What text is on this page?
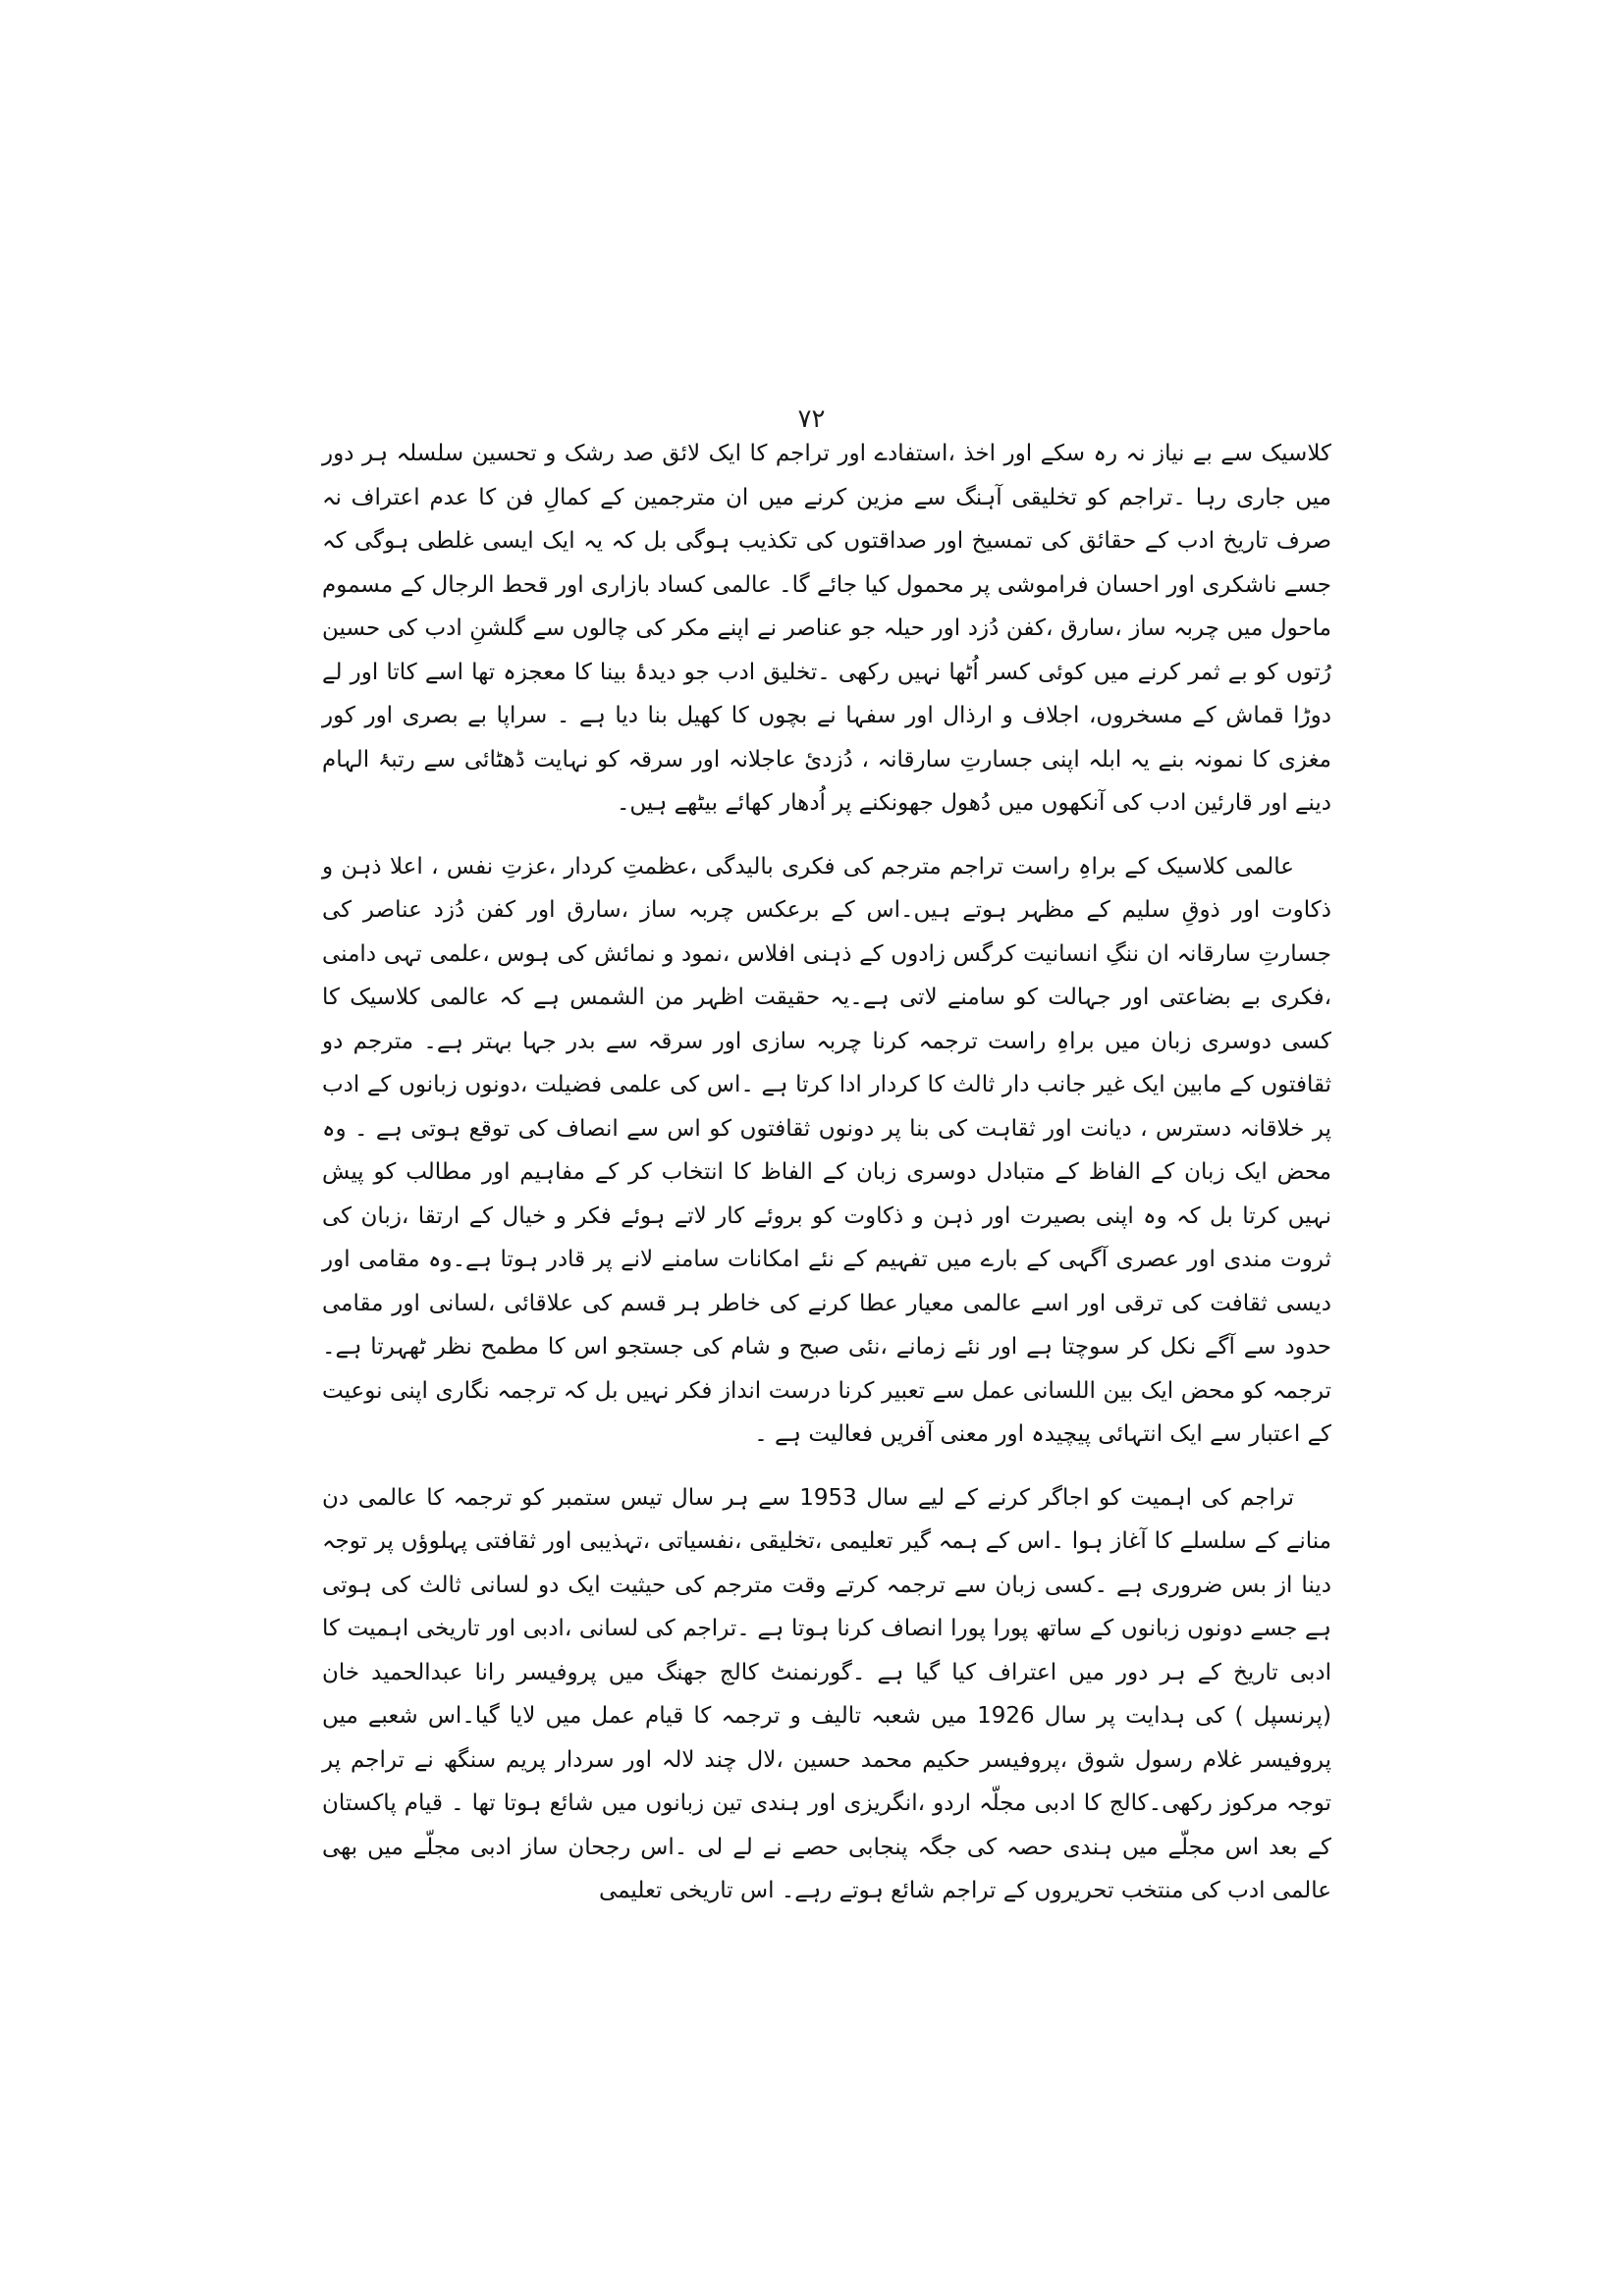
۷۲

کلاسیک سے بے نیاز نہ رہ سکے اور اخذ ،استفادے اور تراجم کا ایک لائق صد رشک و تحسین سلسلہ ہر دور میں جاری رہا ۔تراجم کو تخلیقی آہنگ سے مزین کرنے میں ان مترجمین کے کمالِ فن کا عدم اعتراف نہ صرف تاریخ ادب کے حقائق کی تمسیخ اور صداقتوں کی تکذیب ہوگی بل کہ یہ ایک ایسی غلطی ہوگی کہ جسے ناشکری اور احسان فراموشی پر محمول کیا جائے گا۔ عالمی کساد بازاری اور قحط الرجال کے مسموم ماحول میں چربہ ساز ،سارق ،کفن دُزد اور حیلہ جو عناصر نے اپنے مکر کی چالوں سے گلشنِ ادب کی حسین رُتوں کو بے ثمر کرنے میں کوئی کسر اُٹھا نہیں رکھی ۔تخلیق ادب جو دیدۂ بینا کا معجزہ تھا اسے کاتا اور لے دوڑا قماش کے مسخروں، اجلاف و ارذال اور سفہا نے بچوں کا کھیل بنا دیا ہے ۔ سراپا بے بصری اور کور مغزی کا نمونہ بنے یہ ابلہ اپنی جسارتِ سارقانہ ، دُزدیٔ عاجلانہ اور سرقہ کو نہایت ڈھٹائی سے رتبۂ الہام دینے اور قارئین ادب کی آنکھوں میں دُھول جھونکنے پر اُدھار کھائے بیٹھے ہیں۔

عالمی کلاسیک کے براہِ راست تراجم مترجم کی فکری بالیدگی ،عظمتِ کردار ،عزتِ نفس ، اعلا ذہن و ذکاوت اور ذوقِ سلیم کے مظہر ہوتے ہیں۔اس کے برعکس چربہ ساز ،سارق اور کفن دُزد عناصر کی جسارتِ سارقانہ ان ننگِ انسانیت کرگس زادوں کے ذہنی افلاس ،نمود و نمائش کی ہوس ،علمی تہی دامنی ،فکری بے بضاعتی اور جہالت کو سامنے لاتی ہے۔یہ حقیقت اظہر من الشمس ہے کہ عالمی کلاسیک کا کسی دوسری زبان میں براہِ راست ترجمہ کرنا چربہ سازی اور سرقہ سے بدر جہا بہتر ہے۔ مترجم دو ثقافتوں کے مابین ایک غیر جانب دار ثالث کا کردار ادا کرتا ہے ۔اس کی علمی فضیلت ،دونوں زبانوں کے ادب پر خلاقانہ دسترس ، دیانت اور ثقاہت کی بنا پر دونوں ثقافتوں کو اس سے انصاف کی توقع ہوتی ہے ۔ وہ محض ایک زبان کے الفاظ کے متبادل دوسری زبان کے الفاظ کا انتخاب کر کے مفاہیم اور مطالب کو پیش نہیں کرتا بل کہ وہ اپنی بصیرت اور ذہن و ذکاوت کو بروئے کار لاتے ہوئے فکر و خیال کے ارتقا ،زبان کی ثروت مندی اور عصری آگہی کے بارے میں تفہیم کے نئے امکانات سامنے لانے پر قادر ہوتا ہے۔وہ مقامی اور دیسی ثقافت کی ترقی اور اسے عالمی معیار عطا کرنے کی خاطر ہر قسم کی علاقائی ،لسانی اور مقامی حدود سے آگے نکل کر سوچتا ہے اور نئے زمانے ،نئی صبح و شام کی جستجو اس کا مطمح نظر ٹھہرتا ہے۔ ترجمہ کو محض ایک بین اللسانی عمل سے تعبیر کرنا درست انداز فکر نہیں بل کہ ترجمہ نگاری اپنی نوعیت کے اعتبار سے ایک انتہائی پیچیدہ اور معنی آفریں فعالیت ہے ۔

تراجم کی اہمیت کو اجاگر کرنے کے لیے سال 1953 سے ہر سال تیس ستمبر کو ترجمہ کا عالمی دن منانے کے سلسلے کا آغاز ہوا ۔اس کے ہمہ گیر تعلیمی ،تخلیقی ،نفسیاتی ،تہذیبی اور ثقافتی پہلوؤں پر توجہ دینا از بس ضروری ہے ۔کسی زبان سے ترجمہ کرتے وقت مترجم کی حیثیت ایک دو لسانی ثالث کی ہوتی ہے جسے دونوں زبانوں کے ساتھ پورا پورا انصاف کرنا ہوتا ہے ۔تراجم کی لسانی ،ادبی اور تاریخی اہمیت کا ادبی تاریخ کے ہر دور میں اعتراف کیا گیا ہے ۔گورنمنٹ کالج جھنگ میں پروفیسر رانا عبدالحمید خان (پرنسپل ) کی ہدایت پر سال 1926 میں شعبہ تالیف و ترجمہ کا قیام عمل میں لایا گیا۔اس شعبے میں پروفیسر غلام رسول شوق ،پروفیسر حکیم محمد حسین ،لال چند لالہ اور سردار پریم سنگھ نے تراجم پر توجہ مرکوز رکھی۔کالج کا ادبی مجلّہ اردو ،انگریزی اور ہندی تین زبانوں میں شائع ہوتا تھا ۔ قیام پاکستان کے بعد اس مجلّے میں ہندی حصہ کی جگہ پنجابی حصے نے لے لی ۔اس رجحان ساز ادبی مجلّے میں بھی عالمی ادب کی منتخب تحریروں کے تراجم شائع ہوتے رہے۔ اس تاریخی تعلیمی
